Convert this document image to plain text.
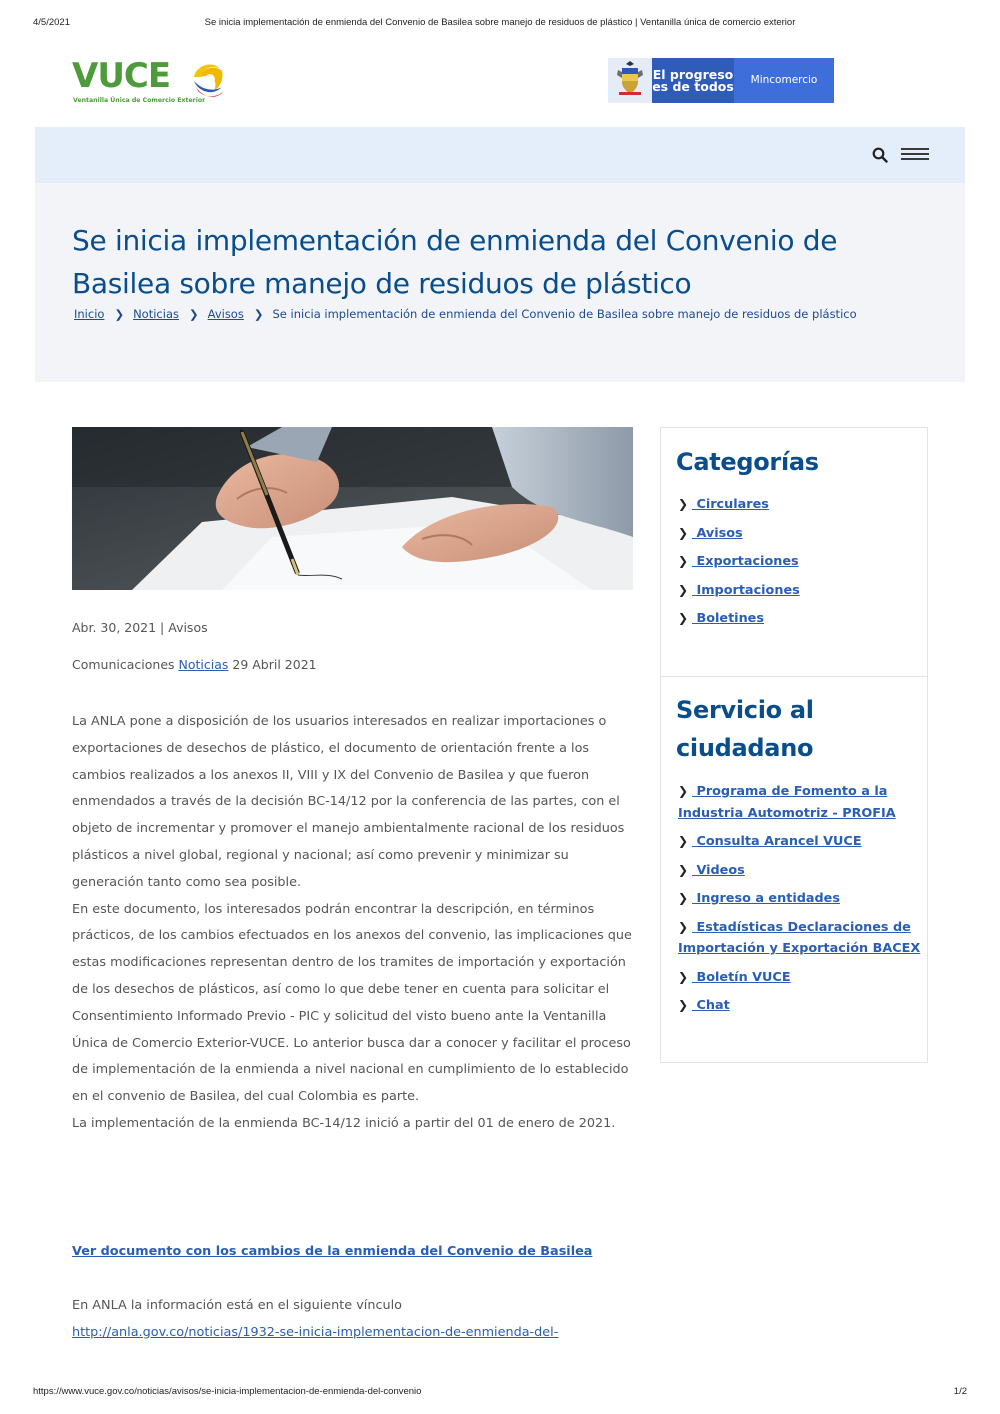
4/5/2021	Se inicia implementación de enmienda del Convenio de Basilea sobre manejo de residuos de plástico | Ventanilla única de comercio exterior
VUCE
Ventanilla Única de Comercio Exterior
El progreso
es de todos	Mincomercio
Se inicia implementación de enmienda del Convenio de Basilea sobre manejo de residuos de plástico
Inicio ❯ Noticias ❯ Avisos ❯ Se inicia implementación de enmienda del Convenio de Basilea sobre manejo de residuos de plástico
Abr. 30, 2021 | Avisos
Comunicaciones Noticias 29 Abril 2021

La ANLA pone a disposición de los usuarios interesados en realizar importaciones o exportaciones de desechos de plástico, el documento de orientación frente a los cambios realizados a los anexos II, VIII y IX del Convenio de Basilea y que fueron enmendados a través de la decisión BC-14/12 por la conferencia de las partes, con el objeto de incrementar y promover el manejo ambientalmente racional de los residuos plásticos a nivel global, regional y nacional; así como prevenir y minimizar su generación tanto como sea posible.

En este documento, los interesados podrán encontrar la descripción, en términos prácticos, de los cambios efectuados en los anexos del convenio, las implicaciones que estas modificaciones representan dentro de los tramites de importación y exportación de los desechos de plásticos, así como lo que debe tener en cuenta para solicitar el Consentimiento Informado Previo - PIC y solicitud del visto bueno ante la Ventanilla Única de Comercio Exterior-VUCE. Lo anterior busca dar a conocer y facilitar el proceso de implementación de la enmienda a nivel nacional en cumplimiento de lo establecido en el convenio de Basilea, del cual Colombia es parte.

La implementación de la enmienda BC-14/12 inició a partir del 01 de enero de 2021.

Ver documento con los cambios de la enmienda del Convenio de Basilea
En ANLA la información está en el siguiente vínculo
http://anla.gov.co/noticias/1932-se-inicia-implementacion-de-enmienda-del-
Categorías
❯ Circulares
❯ Avisos
❯ Exportaciones
❯ Importaciones
❯ Boletines
Servicio al
ciudadano
❯ Programa de Fomento a la Industria Automotriz - PROFIA
❯ Consulta Arancel VUCE
❯ Videos
❯ Ingreso a entidades
❯ Estadísticas Declaraciones de Importación y Exportación BACEX
❯ Boletín VUCE
❯ Chat
https://www.vuce.gov.co/noticias/avisos/se-inicia-implementacion-de-enmienda-del-convenio	1/2
